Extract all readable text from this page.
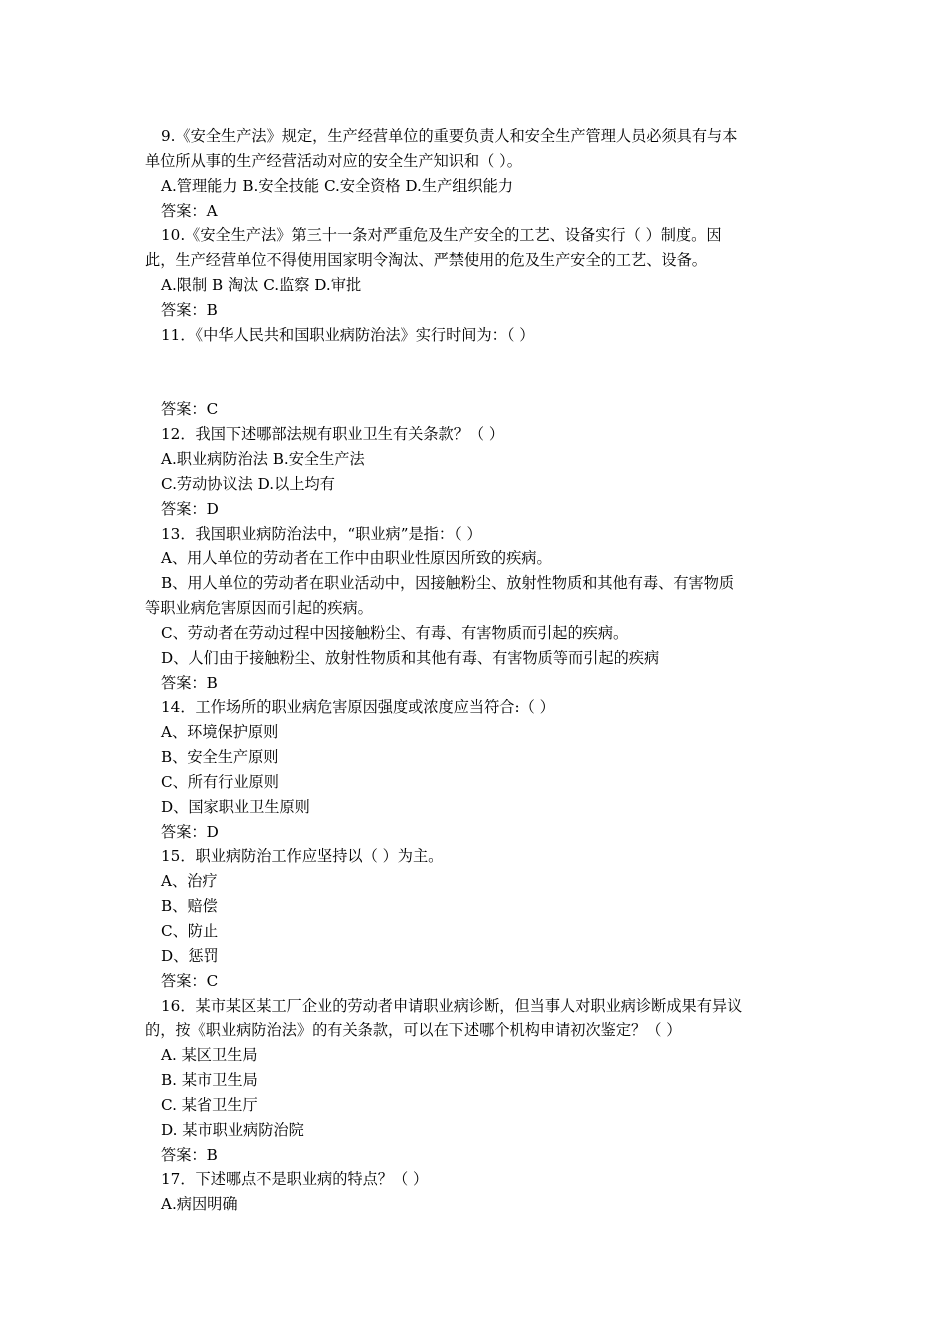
9.《安全生产法》规定，生产经营单位的重要负责人和安全生产管理人员必须具有与本
单位所从事的生产经营活动对应的安全生产知识和（ ）。
A.管理能力 B.安全技能 C.安全资格 D.生产组织能力
答案：A
10.《安全生产法》第三十一条对严重危及生产安全的工艺、设备实行（ ）制度。因
此，生产经营单位不得使用国家明令淘汰、严禁使用的危及生产安全的工艺、设备。
A.限制 B 淘汰 C.监察 D.审批
答案：B
11．《中华人民共和国职业病防治法》实行时间为：（ ）
答案：C
12．我国下述哪部法规有职业卫生有关条款？（ ）
A.职业病防治法 B.安全生产法
C.劳动协议法 D.以上均有
答案：D
13．我国职业病防治法中，“职业病”是指：（ ）
A、用人单位的劳动者在工作中由职业性原因所致的疾病。
B、用人单位的劳动者在职业活动中，因接触粉尘、放射性物质和其他有毒、有害物质
等职业病危害原因而引起的疾病。
C、劳动者在劳动过程中因接触粉尘、有毒、有害物质而引起的疾病。
D、人们由于接触粉尘、放射性物质和其他有毒、有害物质等而引起的疾病
答案：B
14．工作场所的职业病危害原因强度或浓度应当符合:（ ）
A、环境保护原则
B、安全生产原则
C、所有行业原则
D、国家职业卫生原则
答案：D
15．职业病防治工作应坚持以（ ）为主。
A、治疗
B、赔偿
C、防止
D、惩罚
答案：C
16．某市某区某工厂企业的劳动者申请职业病诊断，但当事人对职业病诊断成果有异议
的，按《职业病防治法》的有关条款，可以在下述哪个机构申请初次鉴定？（ ）
A. 某区卫生局
B. 某市卫生局
C. 某省卫生厅
D. 某市职业病防治院
答案：B
17．下述哪点不是职业病的特点？（ ）
A.病因明确
